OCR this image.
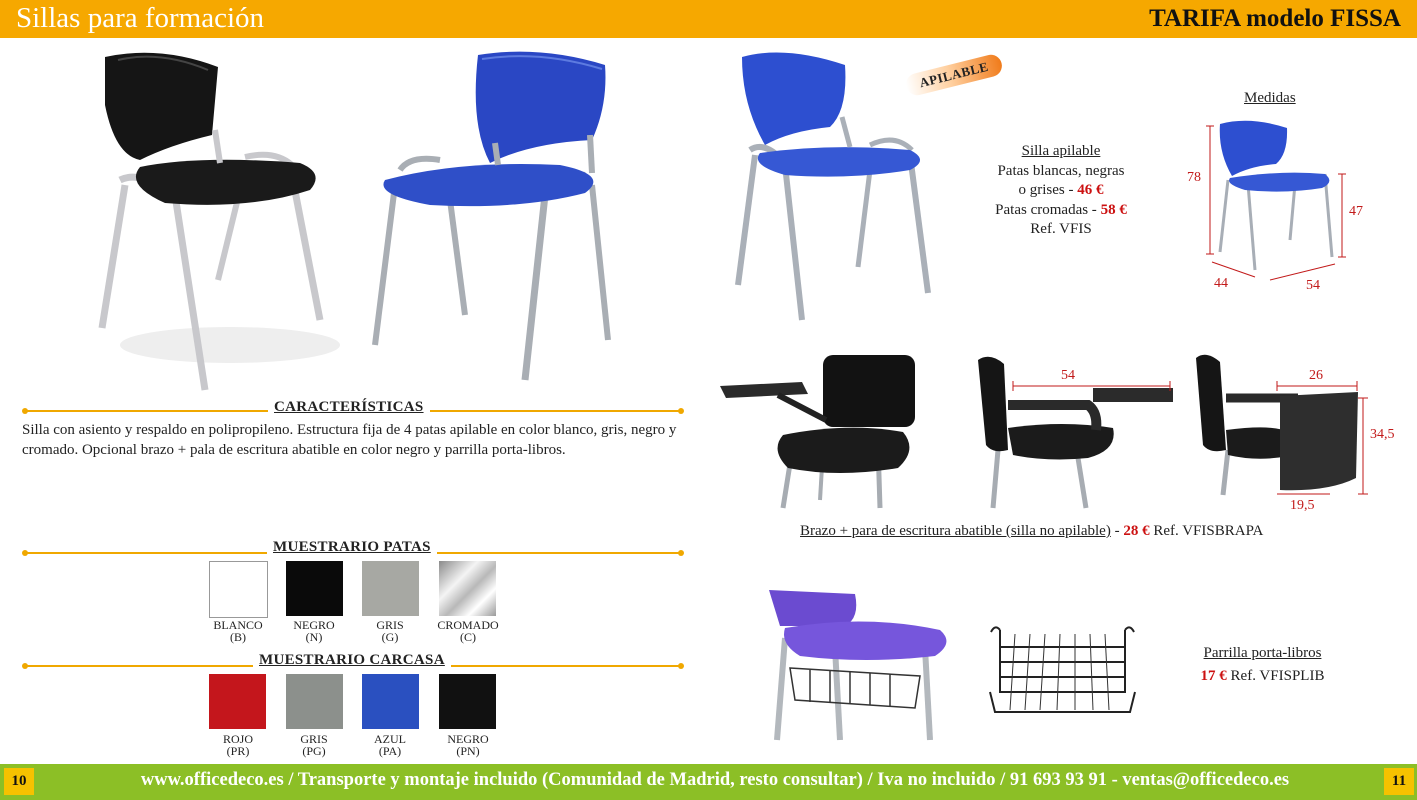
Sillas para formación	TARIFA modelo FISSA
CARACTERÍSTICAS
Silla con asiento y respaldo en polipropileno. Estructura fija de 4 patas apilable en color blanco, gris, negro y cromado. Opcional brazo + pala de escritura abatible en color negro y parrilla porta-libros.
MUESTRARIO PATAS
BLANCO
(B)
NEGRO
(N)
GRIS
(G)
CROMADO
(C)
MUESTRARIO CARCASA
ROJO
(PR)
GRIS
(PG)
AZUL
(PA)
NEGRO
(PN)
APILABLE
Silla apilable
Patas blancas, negras
o grises - 46 €
Patas cromadas - 58 €
Ref. VFIS
Medidas
78
47
44	54
54	26
34,5
19,5
Brazo + para de escritura abatible (silla no apilable) - 28 € Ref. VFISBRAPA
Parrilla porta-libros
17 € Ref. VFISPLIB
10	11
www.officedeco.es / Transporte y montaje incluido (Comunidad de Madrid, resto consultar) / Iva no incluido / 91 693 93 91 - ventas@officedeco.es
